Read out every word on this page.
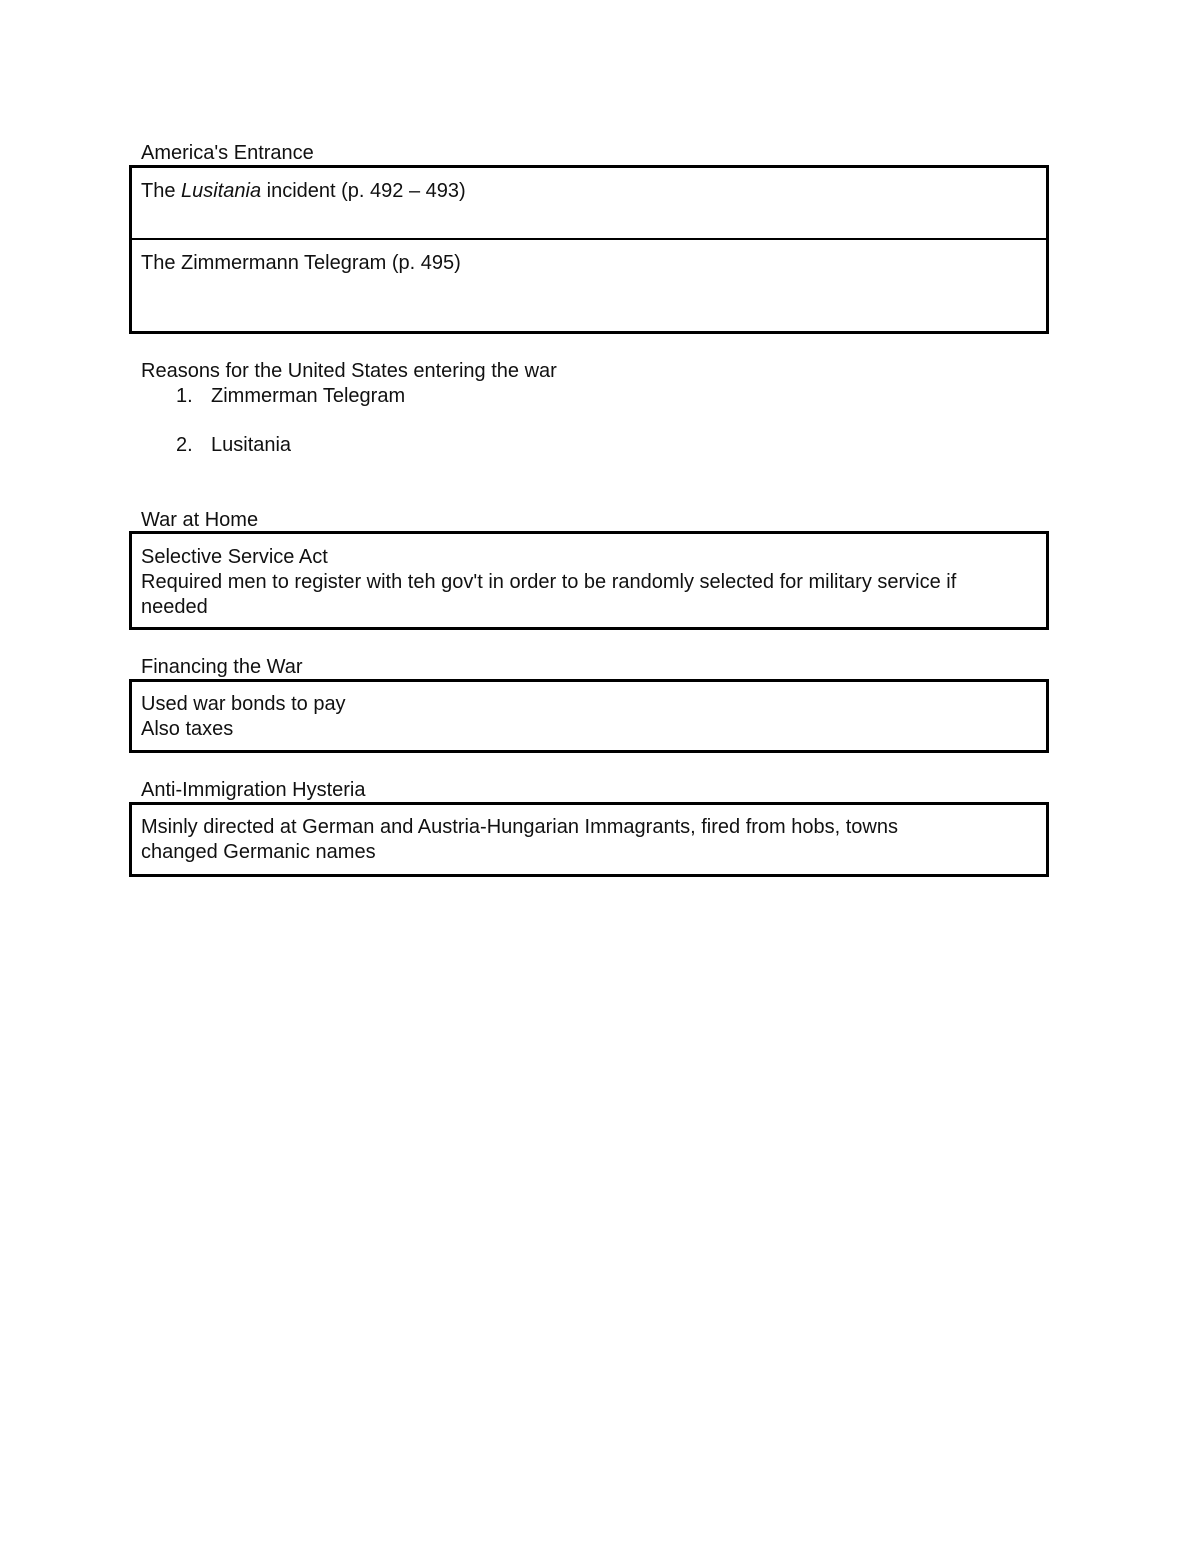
America's Entrance
The Lusitania incident (p. 492 – 493)
The Zimmermann Telegram (p. 495)
Reasons for the United States entering the war
1. Zimmerman Telegram
2. Lusitania
War at Home
Selective Service Act
Required men to register with teh gov't in order to be randomly selected for military service if
needed
Financing the War
Used war bonds to pay
Also taxes
Anti-Immigration Hysteria
Msinly directed at German and Austria-Hungarian Immagrants, fired from hobs, towns
changed Germanic names
